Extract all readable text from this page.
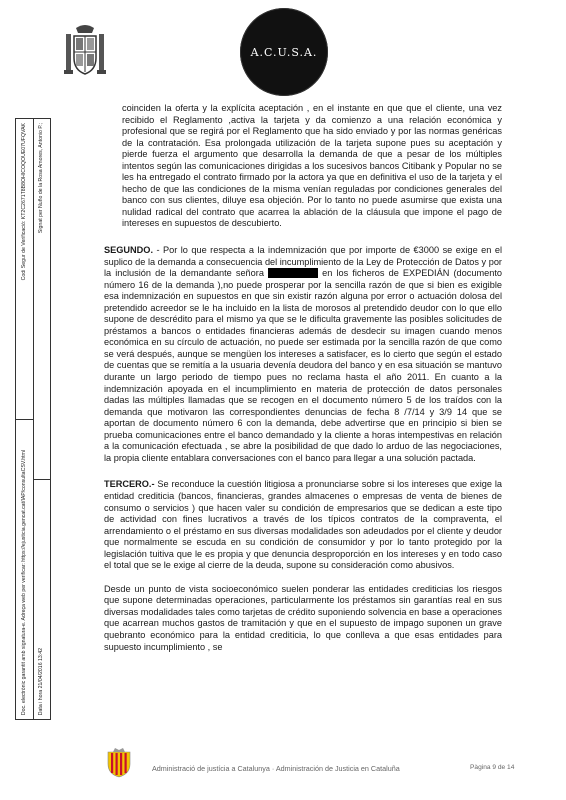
A.C.U.S.A.
Doc. electrònic garantit amb signatura-e. Adreça web per verificar: https://ejusticia.gencat.cat/IAP/consultaCSV.html
Codi Segur de Verificació: KT2C2671T8B8OHICOQOUE07UFQVAK
Data i hora 21/04/2016 13:42
Signat per Nuño de la Rosa Amores, Antonio P.;

coinciden la oferta y la explícita aceptación , en el instante en que que el cliente, una vez recibido el Reglamento ,activa la tarjeta y da comienzo a una relación económica y profesional que se regirá por el Reglamento que ha sido enviado y por las normas genéricas de la contratación. Esa prolongada utilización de la tarjeta supone pues su aceptación y pierde fuerza el argumento que desarrolla la demanda de que a pesar de los múltiples intentos según las comunicaciones dirigidas a los sucesivos bancos Citibank y Popular no se les ha entregado el contrato firmado por la actora ya que en definitiva el uso de la tarjeta y el hecho de que las condiciones de la misma venían reguladas por condiciones generales del banco con sus clientes, diluye esa objeción. Por lo tanto no puede asumirse que exista una nulidad radical del contrato que acarrea la ablación de la cláusula que impone el pago de intereses en supuestos de descubierto.

SEGUNDO. - Por lo que respecta a la indemnización que por importe de €3000 se exige en el suplico de la demanda a consecuencia del incumplimiento de la Ley de Protección de Datos y por la inclusión de la demandante señora	en los ficheros de EXPEDIÁN (documento número 16 de la demanda ),no puede prosperar por la sencilla razón de que si bien es exigible esa indemnización en supuestos en que sin existir razón alguna por error o actuación dolosa del pretendido acreedor se le ha incluido en la lista de morosos al pretendido deudor con lo que ello supone de descrédito para el mismo ya que se le dificulta gravemente las posibles solicitudes de préstamos a bancos o entidades financieras además de desdecir su imagen cuando menos económica en su círculo de actuación, no puede ser estimada por la sencilla razón de que como se verá después, aunque se mengüen los intereses a satisfacer, es lo cierto que según el estado de cuentas que se remitía a la usuaria devenía deudora del banco y en esa situación se mantuvo durante un largo periodo de tiempo pues no reclama hasta el año 2011. En cuanto a la indemnización apoyada en el incumplimiento en materia de protección de datos personales dadas las múltiples llamadas que se recogen en el documento número 5 de los traídos con la demanda que motivaron las correspondientes denuncias de fecha 8 /7/14 y 3/9 14 que se aportan de documento número 6 con la demanda, debe advertirse que en principio si bien se prueba comunicaciones entre el banco demandado y la cliente a horas intempestivas en relación a la comunicación efectuada , se abre la posibilidad de que dado lo arduo de las negociaciones, la propia cliente entablara conversaciones con el banco para llegar a una solución pactada.

TERCERO.- Se reconduce la cuestión litigiosa a pronunciarse sobre si los intereses que exige la entidad crediticia (bancos, financieras, grandes almacenes o empresas de venta de bienes de consumo o servicios ) que hacen valer su condición de empresarios que se dedican a este tipo de actividad con fines lucrativos a través de los típicos contratos de la compraventa, el arrendamiento o el préstamo en sus diversas modalidades son adeudados por el cliente y deudor que normalmente se escuda en su condición de consumidor y por lo tanto protegido por la legislación tuitiva que le es propia y que denuncia desproporción en los intereses y en todo caso el total que se le exige al cierre de la deuda, supone su consideración como abusivos.

Desde un punto de vista socioeconómico suelen ponderar las entidades crediticias los riesgos que supone determinadas operaciones, particularmente los préstamos sin garantías real en sus diversas modalidades tales como tarjetas de crédito suponiendo solvencia en base a operaciones que acarrean muchos gastos de tramitación y que en el supuesto de impago suponen un grave quebranto económico para la entidad crediticia, lo que conlleva a que esas entidades para supuesto incumplimiento , se

Administració de justícia a Catalunya · Administración de Justicia en Cataluña	Pàgina 9 de 14
